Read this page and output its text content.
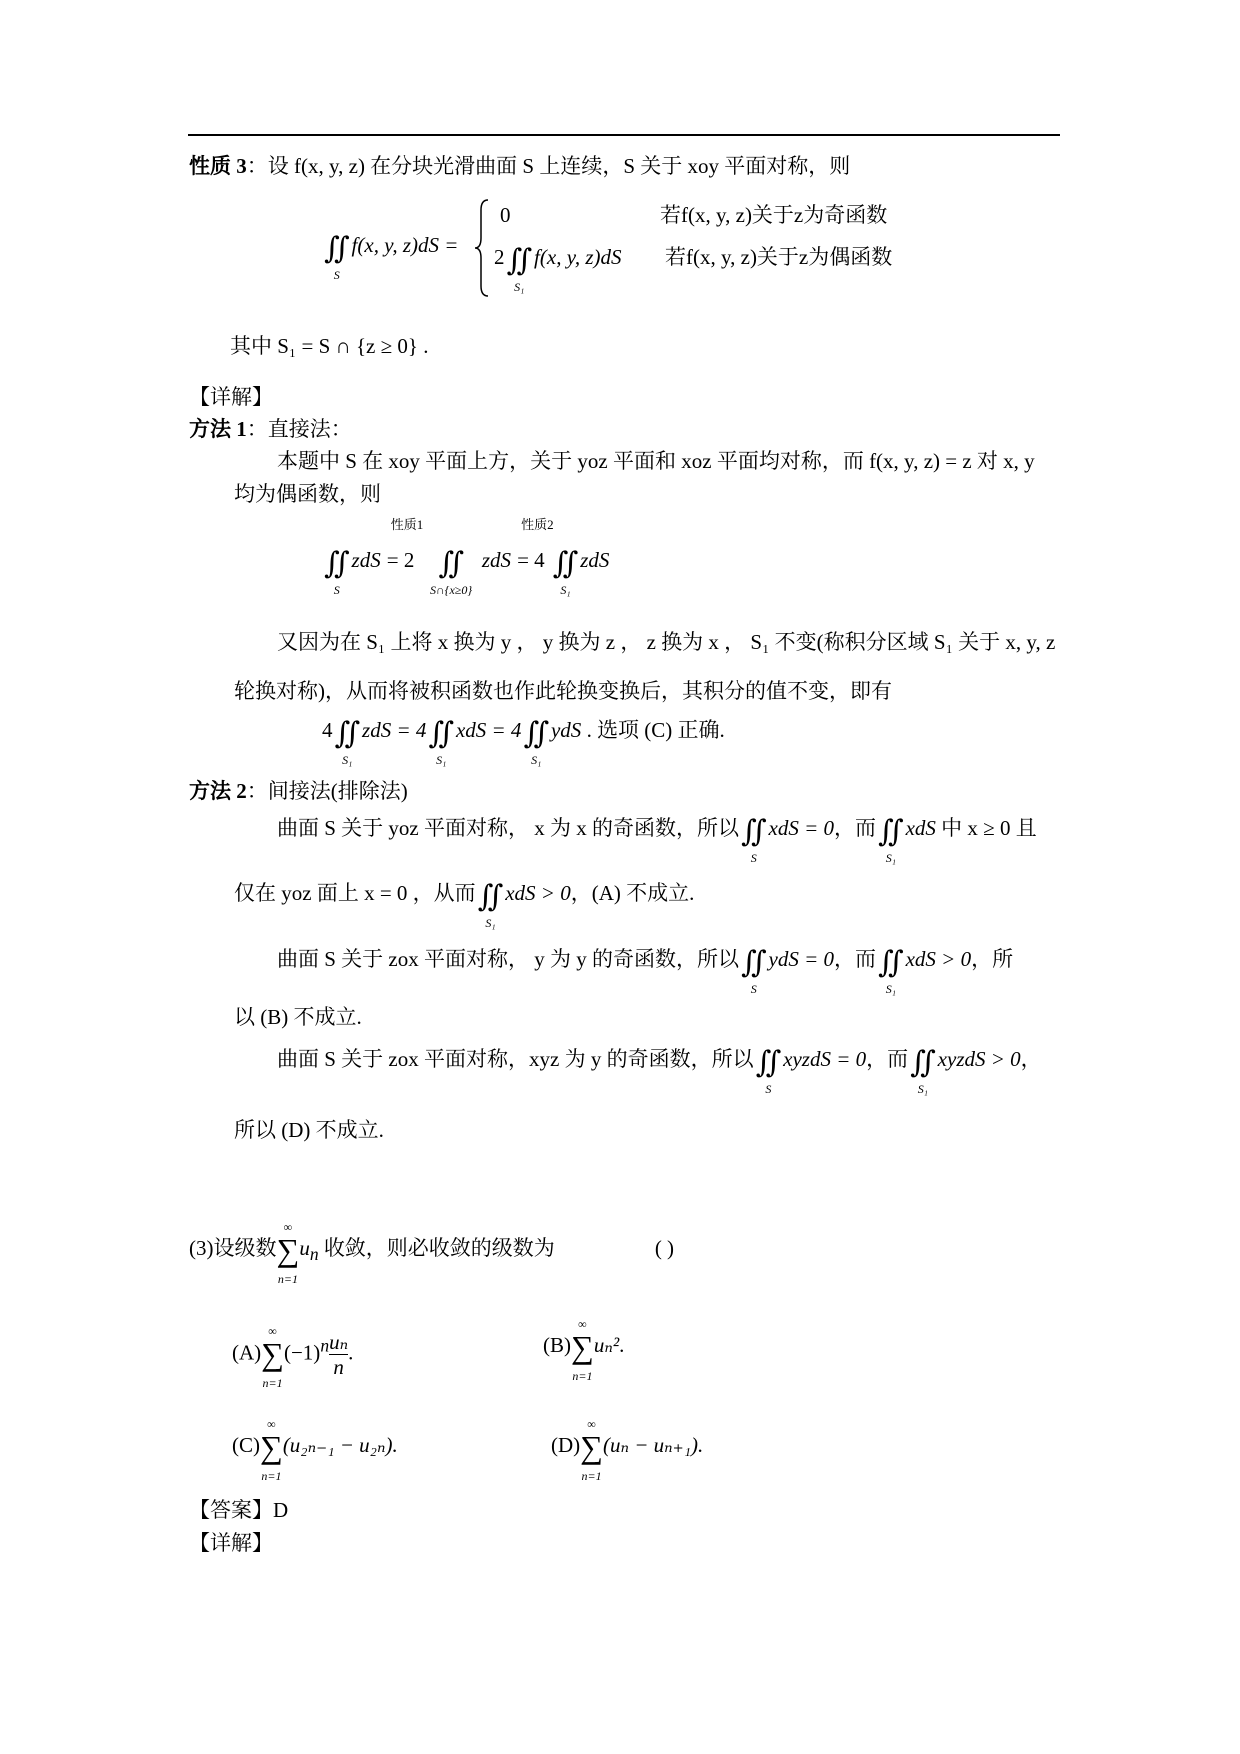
性质 3：设 f(x, y, z) 在分块光滑曲面 S 上连续，S 关于 xoy 平面对称，则
∬
S
f(x, y, z)dS =
0	若f(x, y, z)关于z为奇函数
2∬
S₁
f(x, y, z)dS 若f(x, y, z)关于z为偶函数
其中 S₁ = S ∩ {z ≥ 0} .
【详解】
方法 1：直接法：
本题中 S 在 xoy 平面上方，关于 yoz 平面和 xoz 平面均对称，而 f(x, y, z) = z 对 x, y
均为偶函数，则
∬
S
zdS
性质1
= 2 ∬
S∩{x≥0}
zdS
性质2
= 4 ∬
S₁
zdS
又因为在 S₁ 上将 x 换为 y ， y 换为 z ， z 换为 x ， S₁ 不变(称积分区域 S₁ 关于 x, y, z
轮换对称)，从而将被积函数也作此轮换变换后，其积分的值不变，即有
4∬
S₁
zdS = 4∬
S₁
xdS = 4∬
S₁
ydS . 选项 (C) 正确.
方法 2：间接法(排除法)
曲面 S 关于 yoz 平面对称， x 为 x 的奇函数，所以∬
S
xdS = 0，而∬
S₁
xdS 中 x ≥ 0 且
仅在 yoz 面上 x = 0 ，从而∬
S₁
xdS > 0，(A) 不成立.
曲面 S 关于 zox 平面对称， y 为 y 的奇函数，所以∬
S
ydS = 0，而∬
S₁
xdS > 0，所
以 (B) 不成立.
曲面 S 关于 zox 平面对称，xyz 为 y 的奇函数，所以∬
S
xyzdS = 0，而∬
S₁
xyzdS > 0，
所以 (D) 不成立.
(3)设级数∑
∞
n=1
$u_n$ 收敛，则必收敛的级数为	( )
(A)∑
∞
n=1
$(-1)^n \frac{\text{uₙ}}{n}$ .	(B)∑
∞
n=1
uₙ².
(C)∑
∞
n=1
(u₂ₙ₋₁ − u₂ₙ).	(D)∑
∞
n=1
(uₙ − uₙ₊₁).
【答案】D
【详解】
